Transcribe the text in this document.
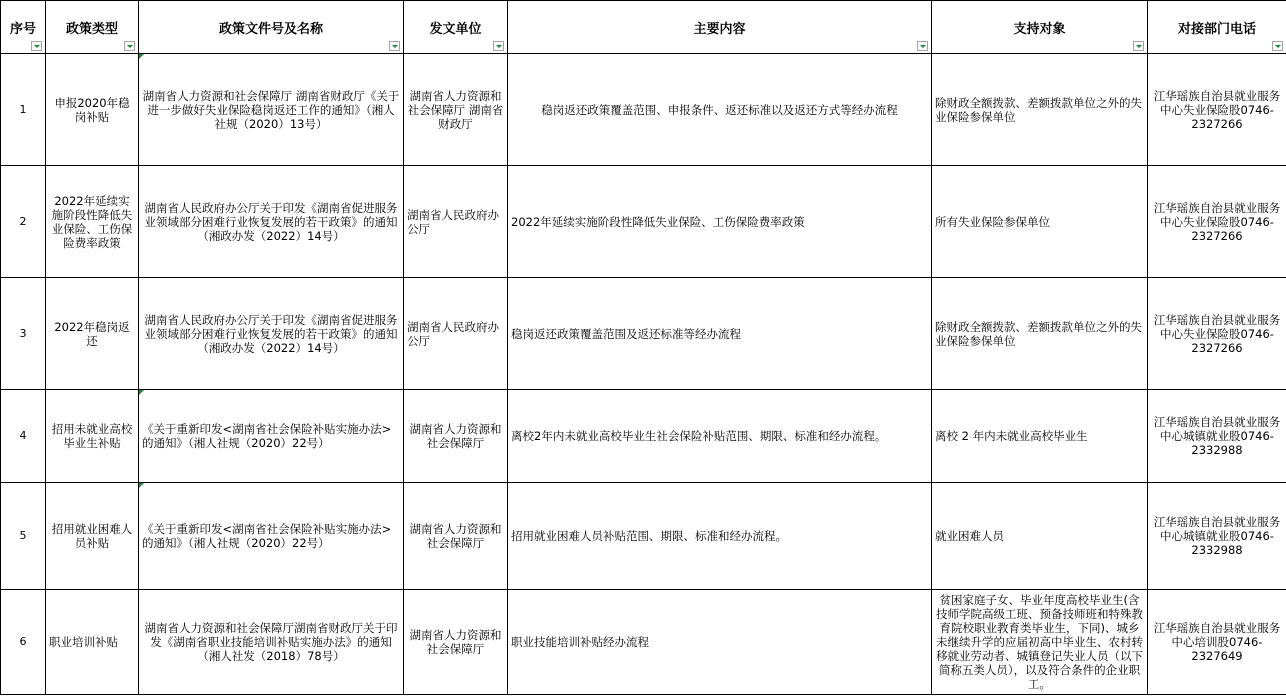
序号	政策类型	政策文件号及名称	发文单位	主要内容	支持对象	对接部门电话

1	申报2020年稳岗补贴	湖南省人力资源和社会保障厅 湖南省财政厅《关于进一步做好失业保险稳岗返还工作的通知》（湘人社规（2020）13号）	湖南省人力资源和社会保障厅 湖南省财政厅	稳岗返还政策覆盖范围、申报条件、返还标准以及返还方式等经办流程	除财政全额拨款、差额拨款单位之外的失业保险参保单位	江华瑶族自治县就业服务中心失业保险股0746-2327266
2	2022年延续实施阶段性降低失业保险、工伤保险费率政策	湖南省人民政府办公厅关于印发《湖南省促进服务业领域部分困难行业恢复发展的若干政策》的通知（湘政办发（2022）14号）	湖南省人民政府办公厅	2022年延续实施阶段性降低失业保险、工伤保险费率政策	所有失业保险参保单位	江华瑶族自治县就业服务中心失业保险股0746-2327266
3	2022年稳岗返还	湖南省人民政府办公厅关于印发《湖南省促进服务业领域部分困难行业恢复发展的若干政策》的通知（湘政办发（2022）14号）	湖南省人民政府办公厅	稳岗返还政策覆盖范围及返还标准等经办流程	除财政全额拨款、差额拨款单位之外的失业保险参保单位	江华瑶族自治县就业服务中心失业保险股0746-2327266
4	招用未就业高校毕业生补贴	《关于重新印发<湖南省社会保险补贴实施办法>的通知》（湘人社规（2020）22号）	湖南省人力资源和社会保障厅	离校2年内未就业高校毕业生社会保险补贴范围、期限、标准和经办流程。	离校 2 年内未就业高校毕业生	江华瑶族自治县就业服务中心城镇就业股0746-2332988
5	招用就业困难人员补贴	《关于重新印发<湖南省社会保险补贴实施办法>的通知》（湘人社规（2020）22号）	湖南省人力资源和社会保障厅	招用就业困难人员补贴范围、期限、标准和经办流程。	就业困难人员	江华瑶族自治县就业服务中心城镇就业股0746-2332988
6	职业培训补贴	湖南省人力资源和社会保障厅湖南省财政厅关于印发《湖南省职业技能培训补贴实施办法》的通知 （湘人社发（2018）78号）	湖南省人力资源和社会保障厅	职业技能培训补贴经办流程	贫困家庭子女、毕业年度高校毕业生(含技师学院高级工班、预备技师班和特殊教育院校职业教育类毕业生，下同)、城乡未继续升学的应届初高中毕业生、农村转移就业劳动者、城镇登记失业人员（以下简称五类人员），以及符合条件的企业职工。	江华瑶族自治县就业服务中心培训股0746-2327649
